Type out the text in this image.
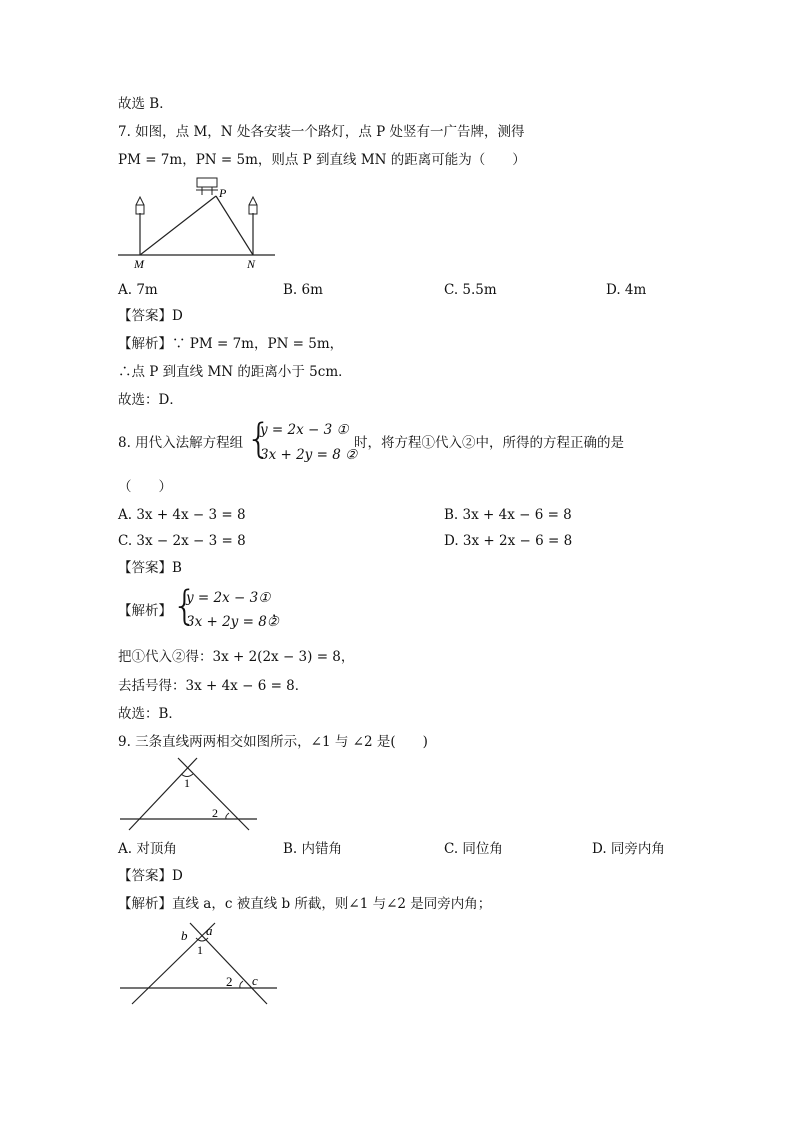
故选 B．
7. 如图，点 M，N 处各安装一个路灯，点 P 处竖有一广告牌，测得
PM = 7m，PN = 5m，则点 P 到直线 MN 的距离可能为（　　）
P
M	N
A. 7m	B. 6m	C. 5.5m	D. 4m
【答案】D
【解析】∵ PM = 7m，PN = 5m，
∴点 P 到直线 MN 的距离小于 5cm．
故选：D．
8. 用代入法解方程组 {
y = 2x − 3 ①
3x + 2y = 8 ②
时，将方程①代入②中，所得的方程正确的是
（　　）
A. 3x + 4x − 3 = 8	B. 3x + 4x − 6 = 8
C. 3x − 2x − 3 = 8	D. 3x + 2x − 6 = 8
【答案】B
【解析】 {
y = 2x − 3①
3x + 2y = 8②
，
把①代入②得：3x + 2(2x − 3) = 8，
去括号得：3x + 4x − 6 = 8．
故选：B．
9. 三条直线两两相交如图所示，∠1 与 ∠2 是(　　)
1
2
A. 对顶角	B. 内错角	C. 同位角	D. 同旁内角
【答案】D
【解析】直线 a，c 被直线 b 所截，则∠1 与∠2 是同旁内角；
b a
1
2 c
